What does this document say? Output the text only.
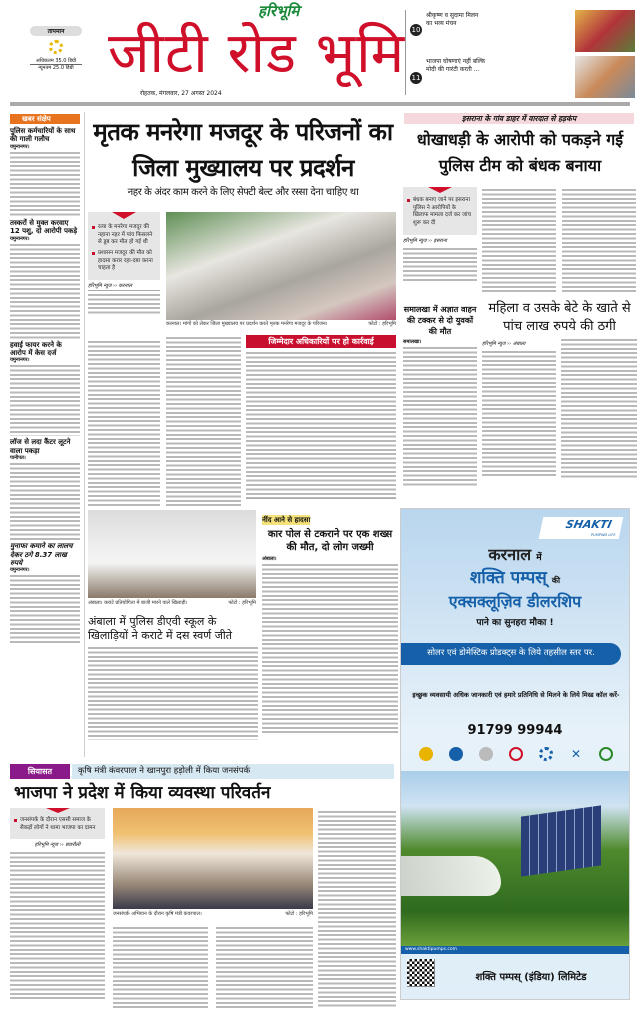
तापमान
अधिकतम 35.0 डिग्री
न्यूनतम 25.0 डिग्री
हरिभूमि
जीटी रोड भूमि
रोहतक, मंगलवार, 27 अगस्त 2024
10
श्रीकृष्ण व सुदामा मिलन का भव्य मंचन
11
भाजपा घोषणाएं नहीं बल्कि मोदी की गारंटी करती ...
खबर संक्षेप
पुलिस कर्मचारियों के साथ की गाली गलौच
यमुनानगर।
तस्करों से मुक्त करवाए 12 पशु, दो आरोपी पकड़े
यमुनानगर।
हवाई फायर करने के आरोप में केस दर्ज
यमुनानगर।
लॉज से लदा कैंटर लूटने वाला पकड़ा
पानीपत।
मुनाफा कमाने का लालच देकर ठगे 8.37 लाख रुपये
यमुनानगर।
मृतक मनरेगा मजदूर के परिजनों का जिला मुख्यालय पर प्रदर्शन
नहर के अंदर काम करने के लिए सेफ्टी बेल्ट और रस्सा देना चाहिए था
रत्या के मनरेगा मजदूर की नहाना नहर में पांव फिसलने से डूब कर मौत हो गई थी
प्रशासन मजदूर की मौत को हादसा करार रहा-दबा करना चाहता है
हरिभूमि न्यूज ›› करनाल
करनाल। मांगों को लेकर जिला मुख्यालय पर प्रदर्शन करते मृतक मनरेगा मजदूर के परिजन।	फोटो : हरिभूमि
जिम्मेदार अधिकारियों पर हो कार्रवाई
अंबाला। कराटे प्रतियोगिता में बाजी मारने वाले खिलाड़ी।	फोटो : हरिभूमि
अंबाला में पुलिस डीएवी स्कूल के खिलाड़ियों ने कराटे में दस स्वर्ण जीते
नींद आने से हादसा
कार पोल से टकराने पर एक शख्स की मौत, दो लोग जख्मी
अंबाला।
इसराना के गांव डाहर में वारदात से हड़कंप
धोखाधड़ी के आरोपी को पकड़ने गई पुलिस टीम को बंधक बनाया
बंधक बनाए जाने पर इसराना पुलिस ने आरोपियों के खिलाफ मामला दर्ज कर जांच शुरू कर दी
हरिभूमि न्यूज ›› इसराना
समालखा में अज्ञात वाहन की टक्कर से दो युवकों की मौत
समालखा।
महिला व उसके बेटे के खाते से पांच लाख रुपये की ठगी
हरिभूमि न्यूज ›› अंबाला
SHAKTI
PUMPING LIFE
करनाल में
शक्ति पम्पस् की
एक्सक्लूज़िव डीलरशिप
पाने का सुनहरा मौका !
सोलर एवं डोमेस्टिक प्रोडक्ट्स के लिये तहसील स्तर पर.
इच्छुक व्यवसायी अधिक जानकारी एवं हमारे प्रतिनिधि से मिलने के लिये मिस्ड कॉल करें-
91799 99944
✕
www.shaktipumps.com
शक्ति पम्पस् (इंडिया) लिमिटेड
सियासत	कृषि मंत्री कंवरपाल ने खानपुरा हड़ोली में किया जनसंपर्क
भाजपा ने प्रदेश में किया व्यवस्था परिवर्तन
जनसंपर्क के दौरान एससी समाज के सैकड़ों लोगों ने थामा भाजपा का दामन
हरिभूमि न्यूज ›› छछरौली
जनसंपर्क अभियान के दौरान कृषि मंत्री कंवरपाल।	फोटो : हरिभूमि
